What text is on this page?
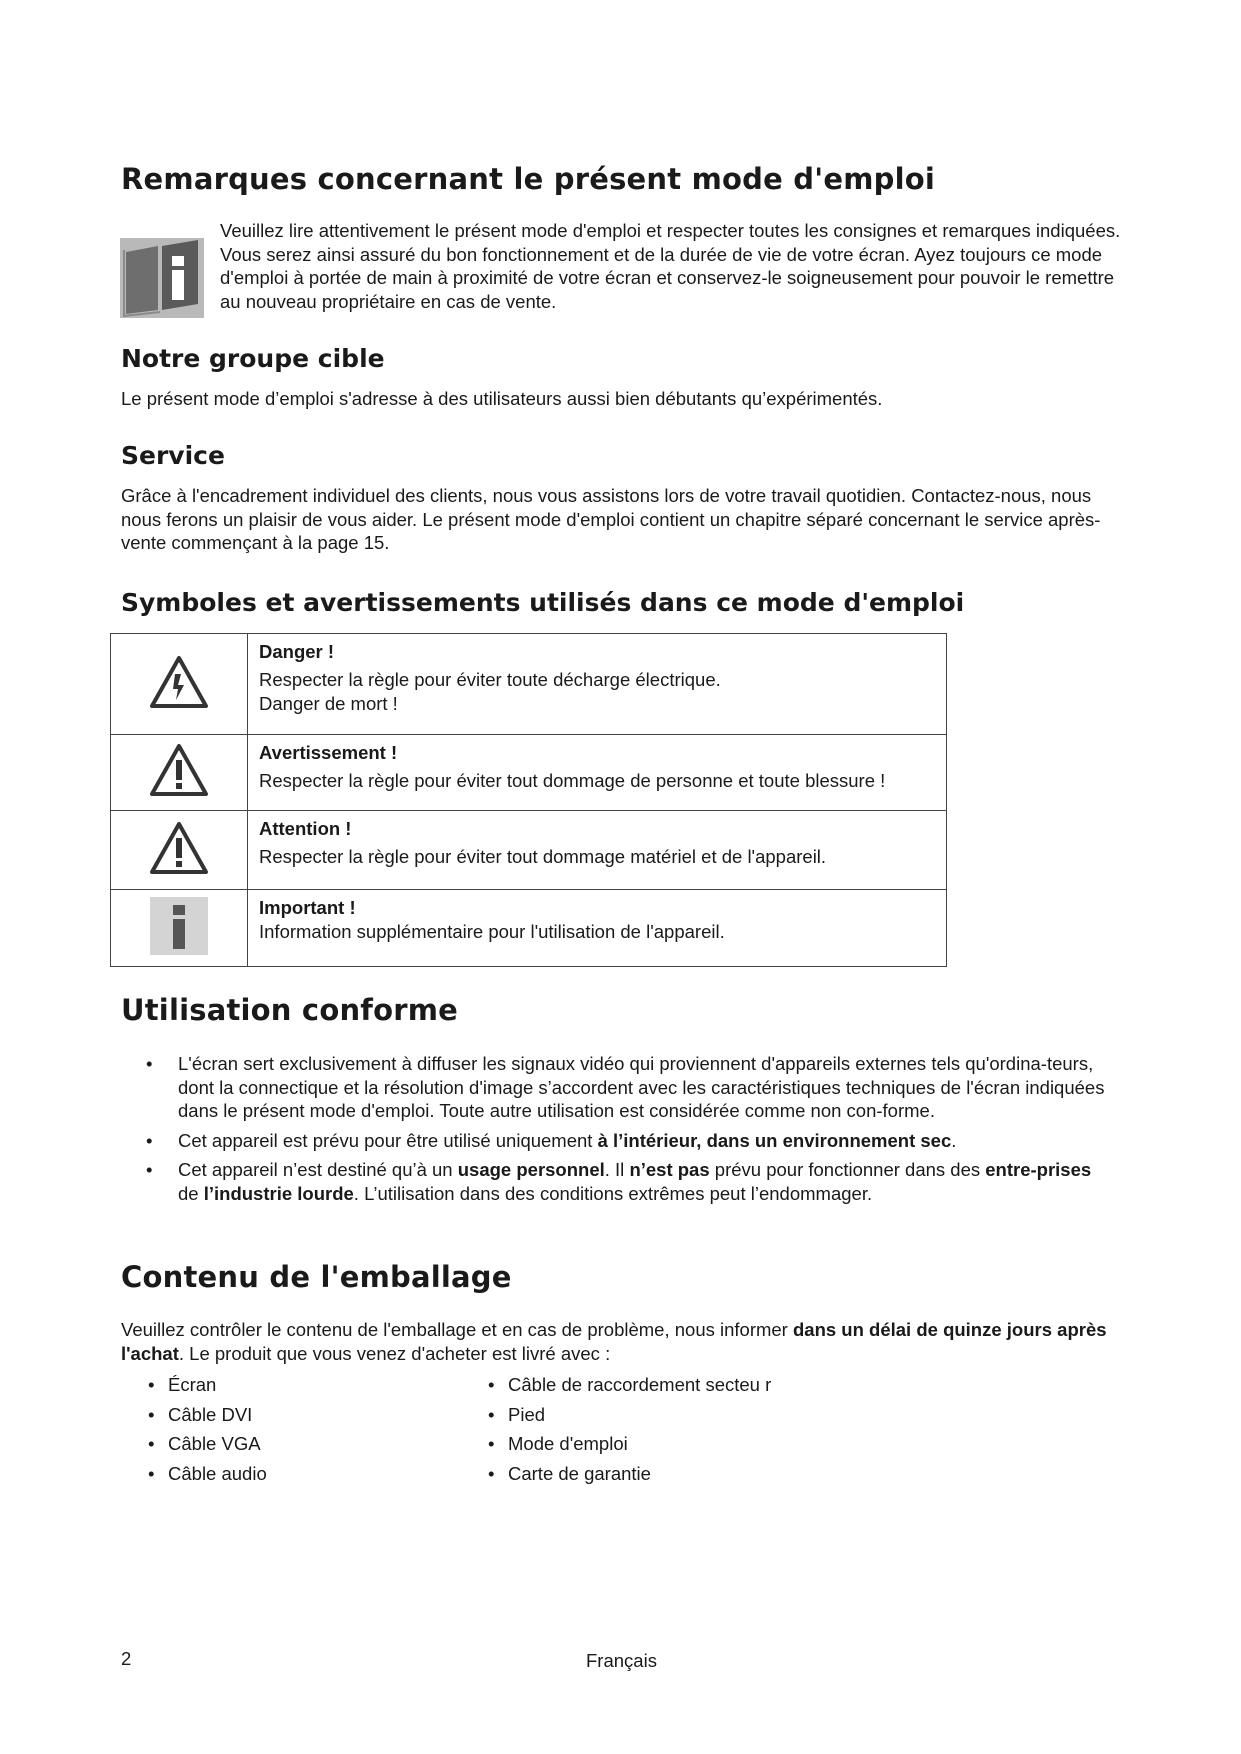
Remarques concernant le présent mode d'emploi

Veuillez lire attentivement le présent mode d'emploi et respecter toutes les consignes et remarques indiquées. Vous serez ainsi assuré du bon fonctionnement et de la durée de vie de votre écran. Ayez toujours ce mode d'emploi à portée de main à proximité de votre écran et conservez-le soigneusement pour pouvoir le remettre au nouveau propriétaire en cas de vente.

Notre groupe cible

Le présent mode d’emploi s'adresse à des utilisateurs aussi bien débutants qu’expérimentés.

Service

Grâce à l'encadrement individuel des clients, nous vous assistons lors de votre travail quotidien. Contactez-nous, nous nous ferons un plaisir de vous aider. Le présent mode d'emploi contient un chapitre séparé concernant le service après-vente commençant à la page 15.

Symboles et avertissements utilisés dans ce mode d'emploi

Danger !
Respecter la règle pour éviter toute décharge électrique.
Danger de mort !

Avertissement !
Respecter la règle pour éviter tout dommage de personne et toute blessure !

Attention !
Respecter la règle pour éviter tout dommage matériel et de l'appareil.

Important !
Information supplémentaire pour l'utilisation de l'appareil.
Utilisation conforme
• L'écran sert exclusivement à diffuser les signaux vidéo qui proviennent d'appareils externes tels qu'ordina-teurs, dont la connectique et la résolution d'image s’accordent avec les caractéristiques techniques de l'écran indiquées dans le présent mode d'emploi. Toute autre utilisation est considérée comme non con-forme.
• Cet appareil est prévu pour être utilisé uniquement à l’intérieur, dans un environnement sec.
• Cet appareil n’est destiné qu’à un usage personnel. Il n’est pas prévu pour fonctionner dans des entre-prises de l’industrie lourde. L’utilisation dans des conditions extrêmes peut l’endommager.
Contenu de l'emballage

Veuillez contrôler le contenu de l'emballage et en cas de problème, nous informer dans un délai de quinze jours après l'achat. Le produit que vous venez d'acheter est livré avec :

• Écran
• Câble DVI
• Câble VGA
• Câble audio
• Câble de raccordement secteu r
• Pied
• Mode d'emploi
• Carte de garantie
2	Français
